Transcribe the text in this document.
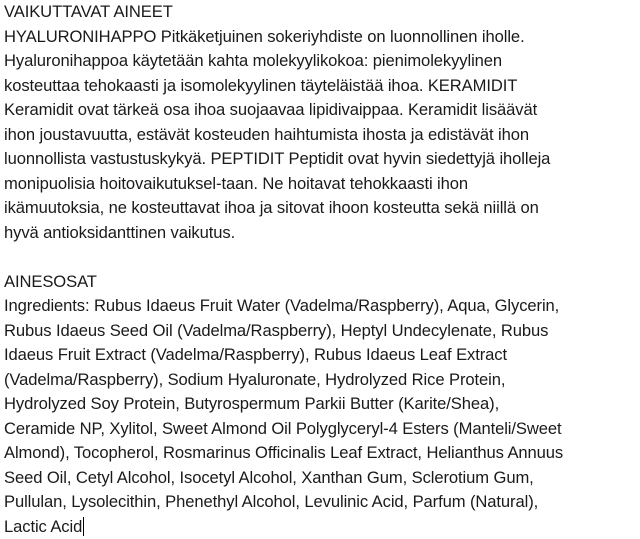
VAIKUTTAVAT AINEET
HYALURONIHAPPO Pitkäketjuinen sokeriyhdiste on luonnollinen iholle.
Hyaluronihappoa käytetään kahta molekyylikokoa: pienimolekyylinen
kosteuttaa tehokaasti ja isomolekyylinen täyteläistää ihoa. KERAMIDIT
Keramidit ovat tärkeä osa ihoa suojaavaa lipidivaippaa. Keramidit lisäävät
ihon joustavuutta, estävät kosteuden haihtumista ihosta ja edistävät ihon
luonnollista vastustuskykyä. PEPTIDIT Peptidit ovat hyvin siedettyjä iholleja
monipuolisia hoitovaikutuksel-taan. Ne hoitavat tehokkaasti ihon
ikämuutoksia, ne kosteuttavat ihoa ja sitovat ihoon kosteutta sekä niillä on
hyvä antioksidanttinen vaikutus.
AINESOSAT
Ingredients: Rubus Idaeus Fruit Water (Vadelma/Raspberry), Aqua, Glycerin,
Rubus Idaeus Seed Oil (Vadelma/Raspberry), Heptyl Undecylenate, Rubus
Idaeus Fruit Extract (Vadelma/Raspberry), Rubus Idaeus Leaf Extract
(Vadelma/Raspberry), Sodium Hyaluronate, Hydrolyzed Rice Protein,
Hydrolyzed Soy Protein, Butyrospermum Parkii Butter (Karite/Shea),
Ceramide NP, Xylitol, Sweet Almond Oil Polyglyceryl-4 Esters (Manteli/Sweet
Almond), Tocopherol, Rosmarinus Officinalis Leaf Extract, Helianthus Annuus
Seed Oil, Cetyl Alcohol, Isocetyl Alcohol, Xanthan Gum, Sclerotium Gum,
Pullulan, Lysolecithin, Phenethyl Alcohol, Levulinic Acid, Parfum (Natural),
Lactic Acid
